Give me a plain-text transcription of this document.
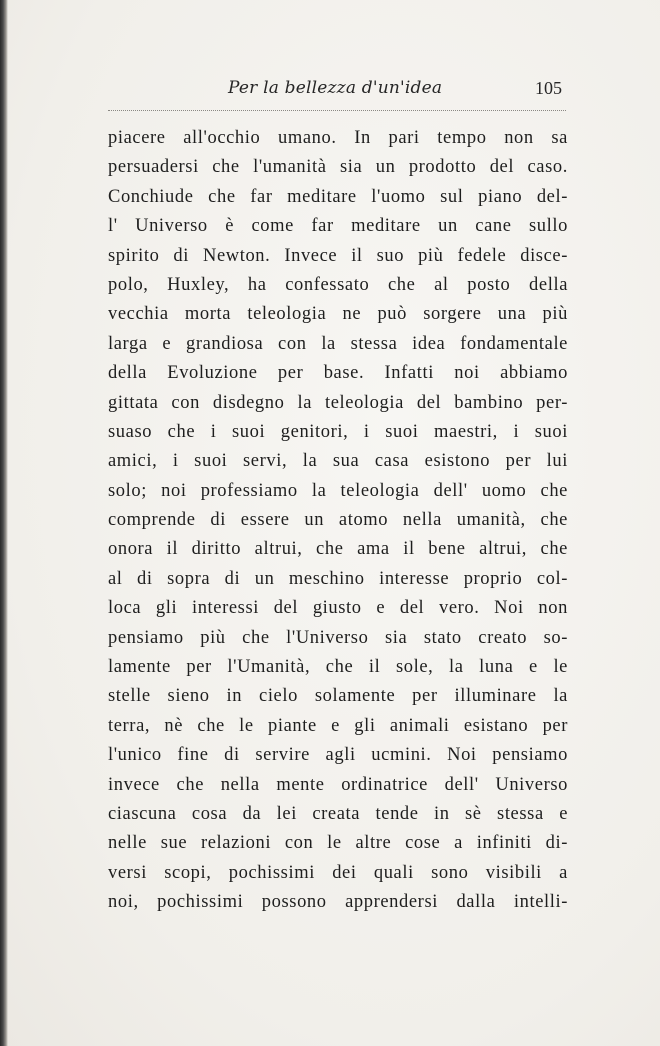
Per la bellezza d'un'idea	105
piacere all'occhio umano. In pari tempo non sa
persuadersi che l'umanità sia un prodotto del caso.
Conchiude che far meditare l'uomo sul piano del-
l' Universo è come far meditare un cane sullo
spirito di Newton. Invece il suo più fedele disce-
polo, Huxley, ha confessato che al posto della
vecchia morta teleologia ne può sorgere una più
larga e grandiosa con la stessa idea fondamentale
della Evoluzione per base. Infatti noi abbiamo
gittata con disdegno la teleologia del bambino per-
suaso che i suoi genitori, i suoi maestri, i suoi
amici, i suoi servi, la sua casa esistono per lui
solo; noi professiamo la teleologia dell' uomo che
comprende di essere un atomo nella umanità, che
onora il diritto altrui, che ama il bene altrui, che
al di sopra di un meschino interesse proprio col-
loca gli interessi del giusto e del vero. Noi non
pensiamo più che l'Universo sia stato creato so-
lamente per l'Umanità, che il sole, la luna e le
stelle sieno in cielo solamente per illuminare la
terra, nè che le piante e gli animali esistano per
l'unico fine di servire agli ucmini. Noi pensiamo
invece che nella mente ordinatrice dell' Universo
ciascuna cosa da lei creata tende in sè stessa e
nelle sue relazioni con le altre cose a infiniti di-
versi scopi, pochissimi dei quali sono visibili a
noi, pochissimi possono apprendersi dalla intelli-
